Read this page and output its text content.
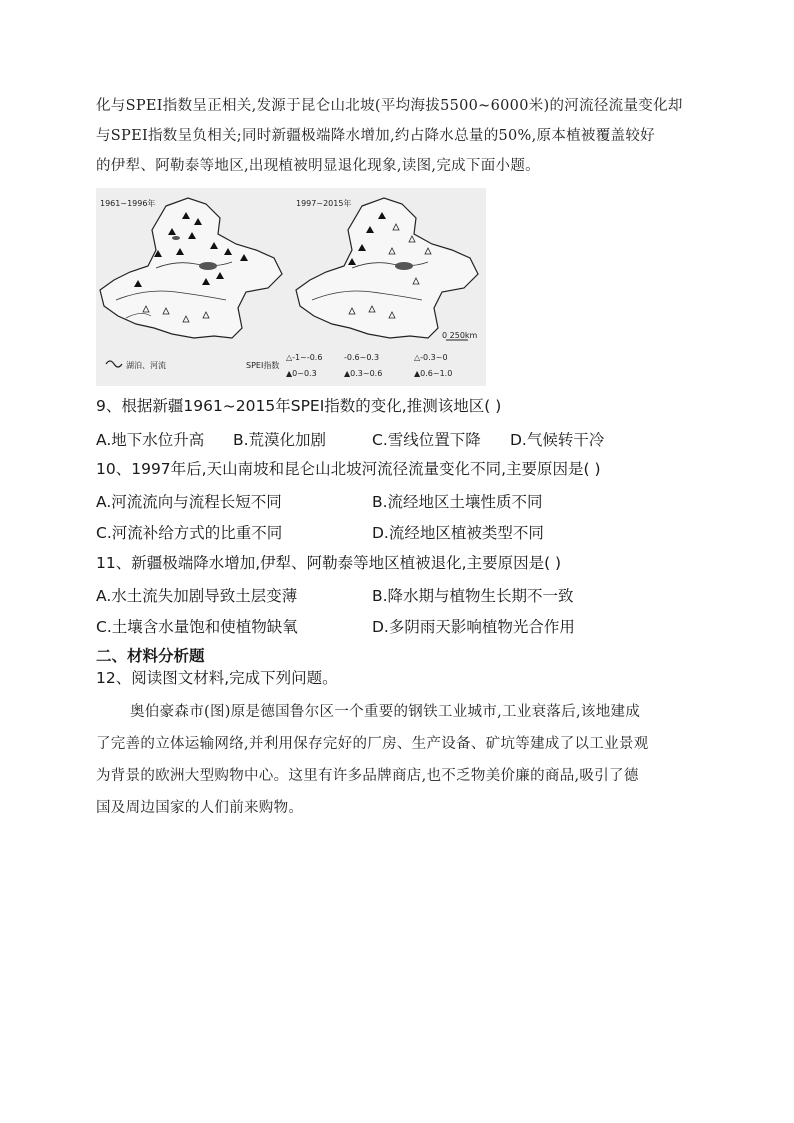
化与SPEI指数呈正相关,发源于昆仑山北坡(平均海拔5500~6000米)的河流径流量变化却
与SPEI指数呈负相关;同时新疆极端降水增加,约占降水总量的50%,原本植被覆盖较好
的伊犁、阿勒泰等地区,出现植被明显退化现象,读图,完成下面小题。
1961~1996年	1997~2015年
0 250km
湖泊、河流	SPEI指数
△-1~-0.6	-0.6~0.3	△-0.3~0
▲0~0.3	▲0.3~0.6	▲0.6~1.0
9、根据新疆1961~2015年SPEI指数的变化,推测该地区( )
A.地下水位升高 B.荒漠化加剧	C.雪线位置下降 D.气候转干冷
10、1997年后,天山南坡和昆仑山北坡河流径流量变化不同,主要原因是( )
A.河流流向与流程长短不同	B.流经地区土壤性质不同
C.河流补给方式的比重不同	D.流经地区植被类型不同
11、新疆极端降水增加,伊犁、阿勒泰等地区植被退化,主要原因是( )
A.水土流失加剧导致土层变薄	B.降水期与植物生长期不一致
C.土壤含水量饱和使植物缺氧	D.多阴雨天影响植物光合作用
二、材料分析题
12、阅读图文材料,完成下列问题。
奥伯豪森市(图)原是德国鲁尔区一个重要的钢铁工业城市,工业衰落后,该地建成
了完善的立体运输网络,并利用保存完好的厂房、生产设备、矿坑等建成了以工业景观
为背景的欧洲大型购物中心。这里有许多品牌商店,也不乏物美价廉的商品,吸引了德
国及周边国家的人们前来购物。
